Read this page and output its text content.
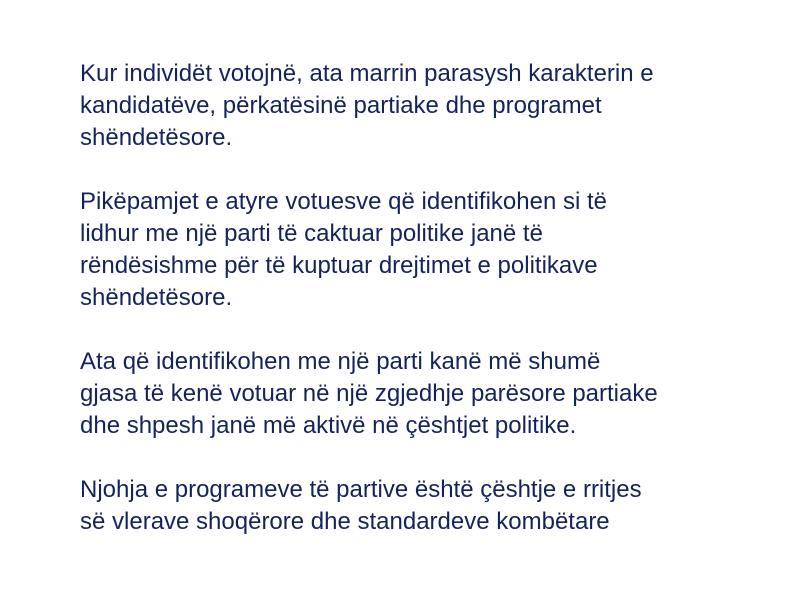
Kur individët votojnë, ata marrin parasysh karakterin e
kandidatëve, përkatësinë partiake dhe programet
shëndetësore.

Pikëpamjet e atyre votuesve që identifikohen si të
lidhur me një parti të caktuar politike janë të
rëndësishme për të kuptuar drejtimet e politikave
shëndetësore.

Ata që identifikohen me një parti kanë më shumë
gjasa të kenë votuar në një zgjedhje parësore partiake
dhe shpesh janë më aktivë në çështjet politike.

Njohja e programeve të partive është çështje e rritjes
së vlerave shoqërore dhe standardeve kombëtare
